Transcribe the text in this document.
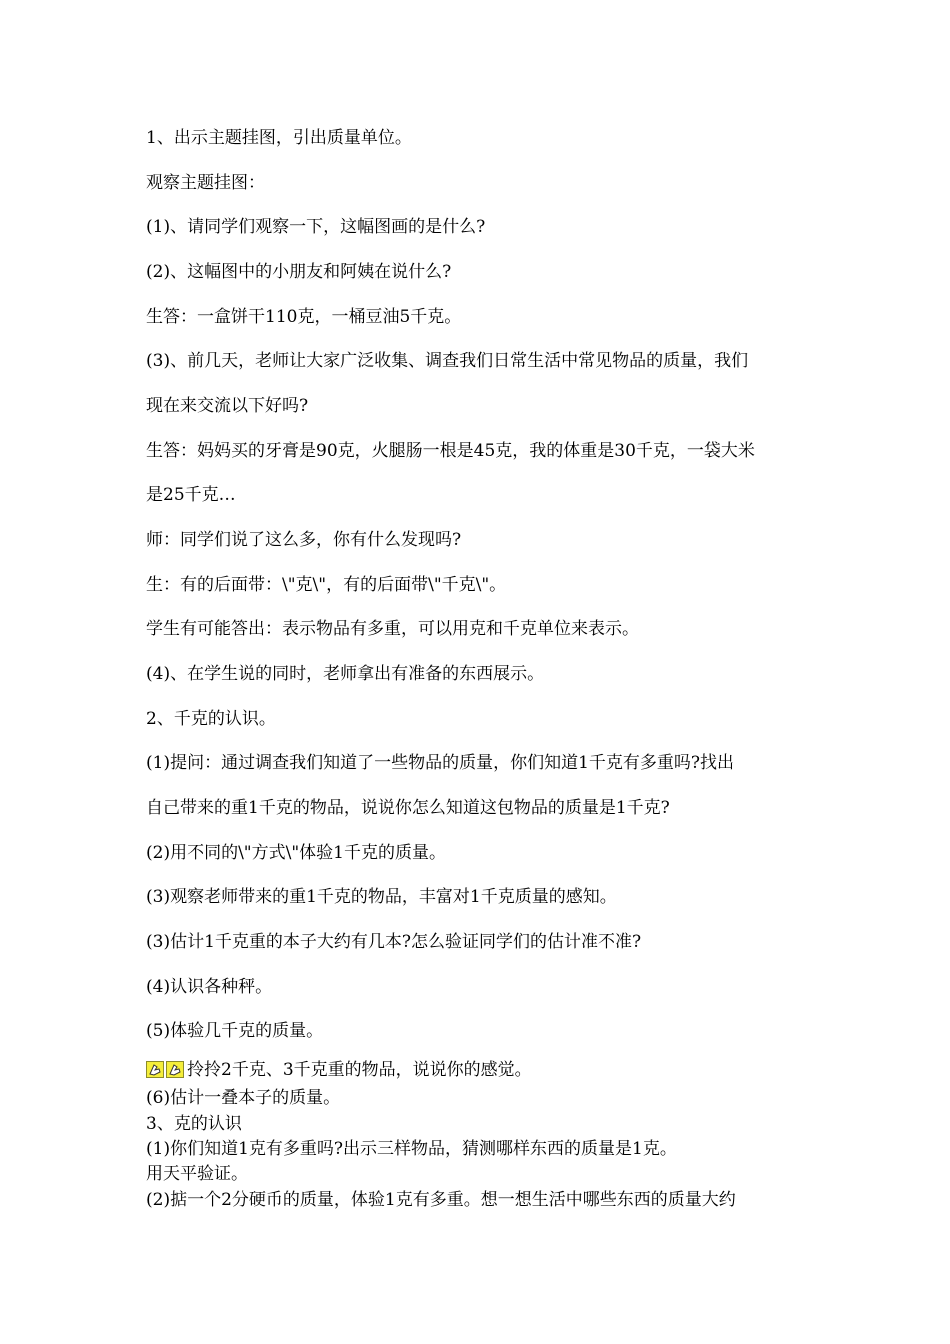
1、出示主题挂图，引出质量单位。
观察主题挂图：
(1)、请同学们观察一下，这幅图画的是什么?
(2)、这幅图中的小朋友和阿姨在说什么?
生答：一盒饼干110克，一桶豆油5千克。
(3)、前几天，老师让大家广泛收集、调查我们日常生活中常见物品的质量，我们
现在来交流以下好吗?
生答：妈妈买的牙膏是90克，火腿肠一根是45克，我的体重是30千克，一袋大米
是25千克…
师：同学们说了这么多，你有什么发现吗?
生：有的后面带：\"克\"，有的后面带\"千克\"。
学生有可能答出：表示物品有多重，可以用克和千克单位来表示。
(4)、在学生说的同时，老师拿出有准备的东西展示。
2、千克的认识。
(1)提问：通过调查我们知道了一些物品的质量，你们知道1千克有多重吗?找出
自己带来的重1千克的物品，说说你怎么知道这包物品的质量是1千克?
(2)用不同的\"方式\"体验1千克的质量。
(3)观察老师带来的重1千克的物品，丰富对1千克质量的感知。
(3)估计1千克重的本子大约有几本?怎么验证同学们的估计准不准?
(4)认识各种秤。
(5)体验几千克的质量。
拎拎2千克、3千克重的物品，说说你的感觉。
(6)估计一叠本子的质量。
3、克的认识
(1)你们知道1克有多重吗?出示三样物品，猜测哪样东西的质量是1克。
用天平验证。
(2)掂一个2分硬币的质量，体验1克有多重。想一想生活中哪些东西的质量大约
